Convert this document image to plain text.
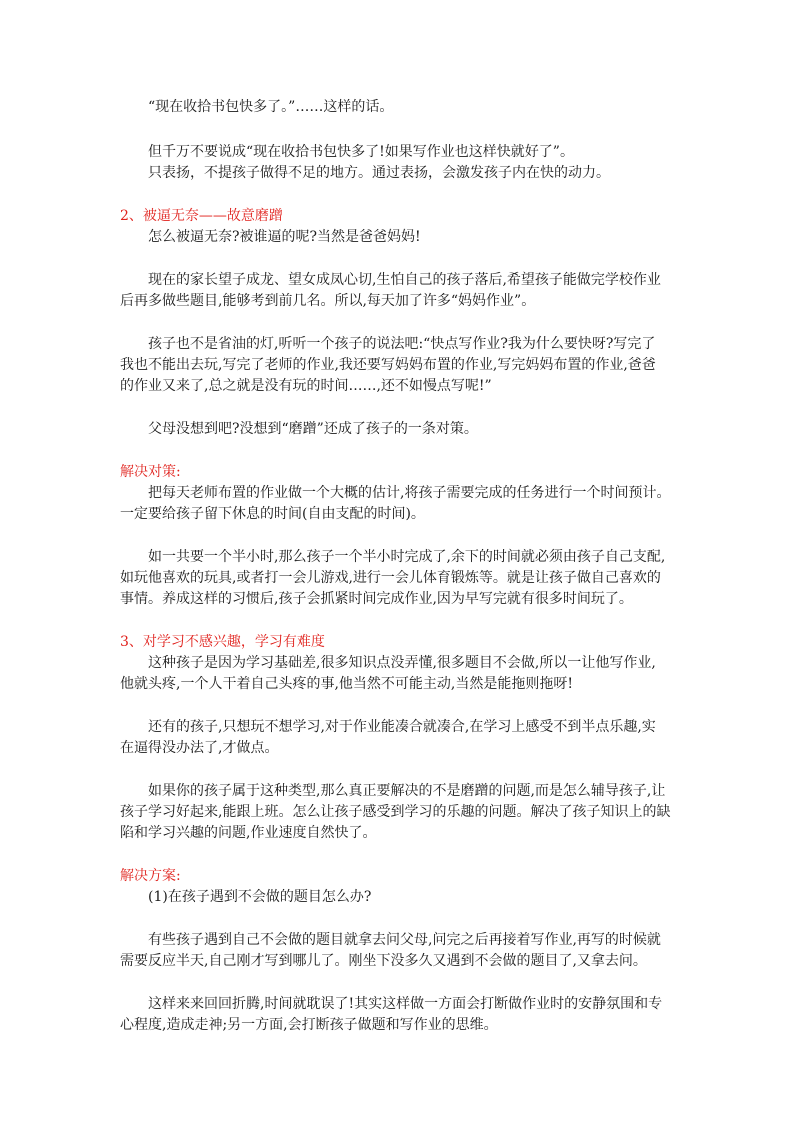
“现在收拾书包快多了。”……这样的话。
但千万不要说成“现在收拾书包快多了!如果写作业也这样快就好了”。
只表扬，不提孩子做得不足的地方。通过表扬，会激发孩子内在快的动力。
2、被逼无奈——故意磨蹭
怎么被逼无奈?被谁逼的呢?当然是爸爸妈妈!
现在的家长望子成龙、望女成凤心切,生怕自己的孩子落后,希望孩子能做完学校作业
后再多做些题目,能够考到前几名。所以,每天加了许多“妈妈作业”。
孩子也不是省油的灯,听听一个孩子的说法吧:“快点写作业?我为什么要快呀?写完了
我也不能出去玩,写完了老师的作业,我还要写妈妈布置的作业,写完妈妈布置的作业,爸爸
的作业又来了,总之就是没有玩的时间……,还不如慢点写呢!”
父母没想到吧?没想到“磨蹭”还成了孩子的一条对策。
解决对策:
把每天老师布置的作业做一个大概的估计,将孩子需要完成的任务进行一个时间预计。
一定要给孩子留下休息的时间(自由支配的时间)。
如一共要一个半小时,那么孩子一个半小时完成了,余下的时间就必须由孩子自己支配,
如玩他喜欢的玩具,或者打一会儿游戏,进行一会儿体育锻炼等。就是让孩子做自己喜欢的
事情。养成这样的习惯后,孩子会抓紧时间完成作业,因为早写完就有很多时间玩了。
3、对学习不感兴趣，学习有难度
这种孩子是因为学习基础差,很多知识点没弄懂,很多题目不会做,所以一让他写作业,
他就头疼,一个人干着自己头疼的事,他当然不可能主动,当然是能拖则拖呀!
还有的孩子,只想玩不想学习,对于作业能凑合就凑合,在学习上感受不到半点乐趣,实
在逼得没办法了,才做点。
如果你的孩子属于这种类型,那么真正要解决的不是磨蹭的问题,而是怎么辅导孩子,让
孩子学习好起来,能跟上班。怎么让孩子感受到学习的乐趣的问题。解决了孩子知识上的缺
陷和学习兴趣的问题,作业速度自然快了。
解决方案:
(1)在孩子遇到不会做的题目怎么办?
有些孩子遇到自己不会做的题目就拿去问父母,问完之后再接着写作业,再写的时候就
需要反应半天,自己刚才写到哪儿了。刚坐下没多久又遇到不会做的题目了,又拿去问。
这样来来回回折腾,时间就耽误了!其实这样做一方面会打断做作业时的安静氛围和专
心程度,造成走神;另一方面,会打断孩子做题和写作业的思维。
